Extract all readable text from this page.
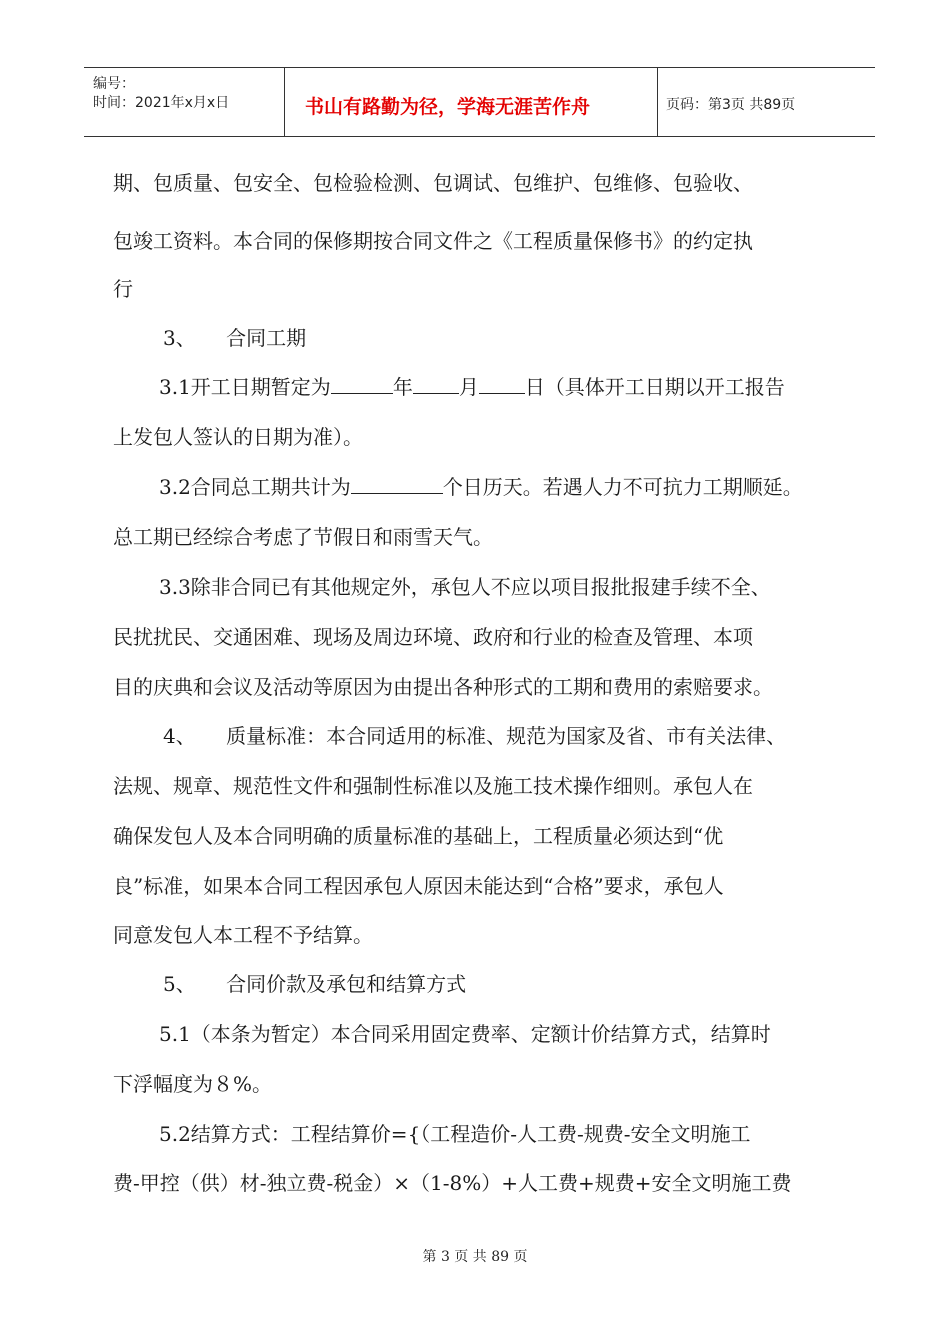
编号：
时间：2021年x月x日	书山有路勤为径，学海无涯苦作舟	页码：第3页 共89页
期、包质量、包安全、包检验检测、包调试、包维护、包维修、包验收、
包竣工资料。本合同的保修期按合同文件之《工程质量保修书》的约定执
行
3、 合同工期
3.1开工日期暂定为	年 月 日（具体开工日期以开工报告
上发包人签认的日期为准）。
3.2合同总工期共计为	个日历天。若遇人力不可抗力工期顺延。
总工期已经综合考虑了节假日和雨雪天气。
3.3除非合同已有其他规定外，承包人不应以项目报批报建手续不全、
民扰扰民、交通困难、现场及周边环境、政府和行业的检查及管理、本项
目的庆典和会议及活动等原因为由提出各种形式的工期和费用的索赔要求。
4、 质量标准：本合同适用的标准、规范为国家及省、市有关法律、
法规、规章、规范性文件和强制性标准以及施工技术操作细则。承包人在
确保发包人及本合同明确的质量标准的基础上，工程质量必须达到“优
良”标准，如果本合同工程因承包人原因未能达到“合格”要求，承包人
同意发包人本工程不予结算。
5、 合同价款及承包和结算方式
5.1（本条为暂定）本合同采用固定费率、定额计价结算方式，结算时
下浮幅度为８%。
5.2结算方式：工程结算价={（工程造价-人工费-规费-安全文明施工
费-甲控（供）材-独立费-税金）×（1-8%）+人工费+规费+安全文明施工费
第 3 页 共 89 页
